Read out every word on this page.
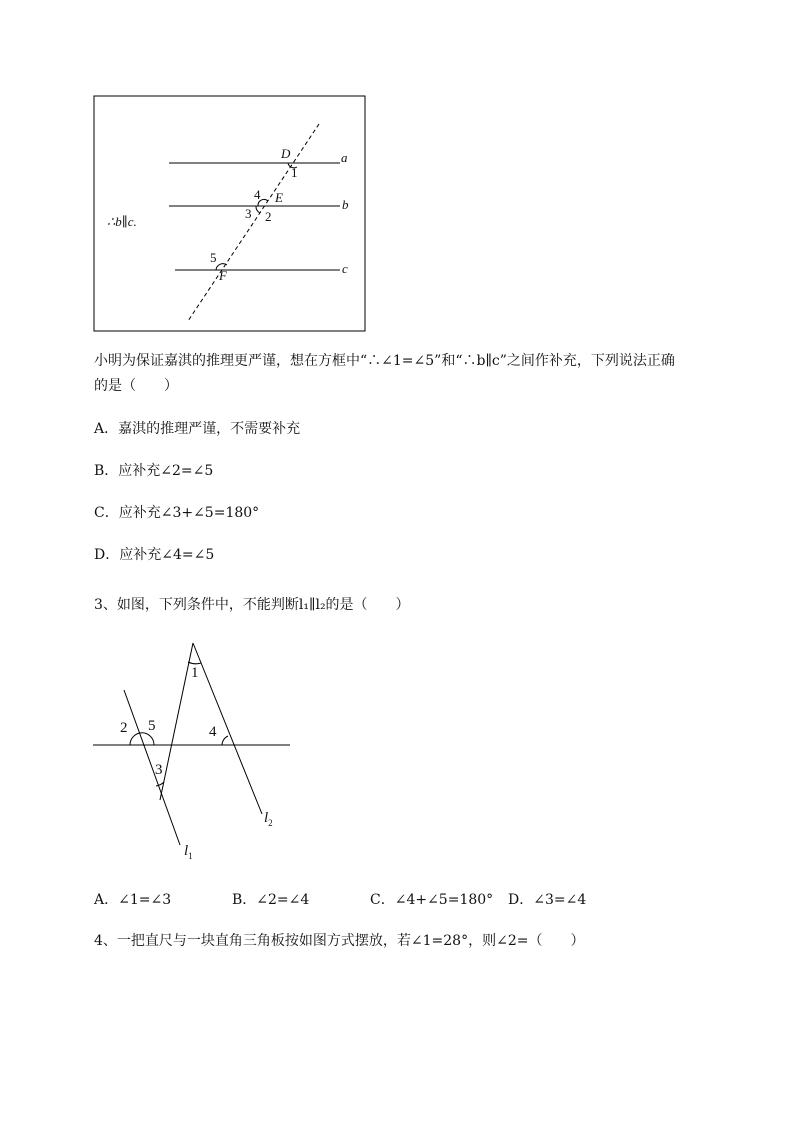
D
1
a
4 E	b
3 2
∴b∥c.
5
F	c
小明为保证嘉淇的推理更严谨，想在方框中“∴∠1=∠5”和“∴b∥c”之间作补充，下列说法正确
的是（　　）
A．嘉淇的推理严谨，不需要补充
B．应补充∠2=∠5
C．应补充∠3+∠5=180°
D．应补充∠4=∠5
3、如图，下列条件中，不能判断l₁∥l₂的是（　　）
1
2 5	4
3
$l_2$
$l_1$
A．∠1=∠3	B．∠2=∠4	C．∠4+∠5=180° D．∠3=∠4
4、一把直尺与一块直角三角板按如图方式摆放，若∠1=28°，则∠2=（　　）
